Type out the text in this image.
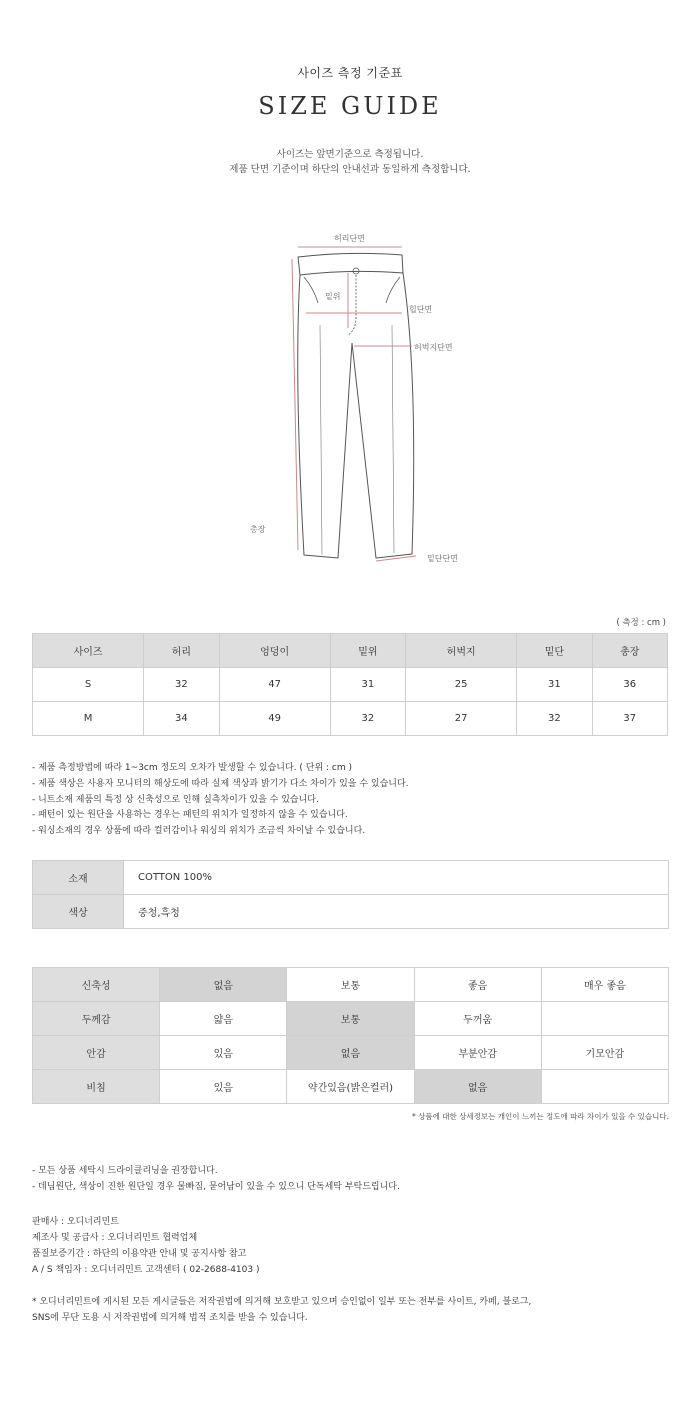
사이즈 측정 기준표
SIZE GUIDE
사이즈는 앞면기준으로 측정됩니다.
제품 단면 기준이며 하단의 안내선과 동일하게 측정합니다.
허리단면
밑위
힙단면
허벅지단면
총장
밑단단면
( 측정 : cm )
사이즈	허리	엉덩이	밑위	허벅지	밑단	총장
S	32	47	31	25	31	36
M	34	49	32	27	32	37
- 제품 측정방법에 따라 1~3cm 정도의 오차가 발생할 수 있습니다. ( 단위 : cm )
- 제품 색상은 사용자 모니터의 해상도에 따라 실제 색상과 밝기가 다소 차이가 있을 수 있습니다.
- 니트소재 제품의 특정 상 신축성으로 인해 실측차이가 있을 수 있습니다.
- 패턴이 있는 원단을 사용하는 경우는 패턴의 위치가 일정하지 않을 수 있습니다.
- 워싱소재의 경우 상품에 따라 컬러감이나 워싱의 위치가 조금씩 차이날 수 있습니다.
소재	COTTON 100%
색상	중청,흑청
신축성	없음	보통	좋음	매우 좋음
두께감	얇음	보통	두꺼움	
안감	있음	없음	부분안감	기모안감
비침	있음	약간있음(밝은컬러)	없음	
* 상품에 대한 상세정보는 개인이 느끼는 정도에 따라 차이가 있을 수 있습니다.
- 모든 상품 세탁시 드라이클리닝을 권장합니다.
- 데님원단, 색상이 진한 원단일 경우 물빠짐, 묻어남이 있을 수 있으니 단독세탁 부탁드립니다.
판매사 : 오디너리민트
제조사 및 공급사 : 오디너리민트 협력업체
품질보증기간 : 하단의 이용약관 안내 및 공지사항 참고
A / S 책임자 : 오디너리민트 고객센터 ( 02-2688-4103 )
* 오디너리민트에 게시된 모든 게시글들은 저작권법에 의거해 보호받고 있으며 승인없이 일부 또는 전부를 사이트, 카페, 블로그,
SNS에 무단 도용 시 저작권법에 의거해 법적 조치를 받을 수 있습니다.
